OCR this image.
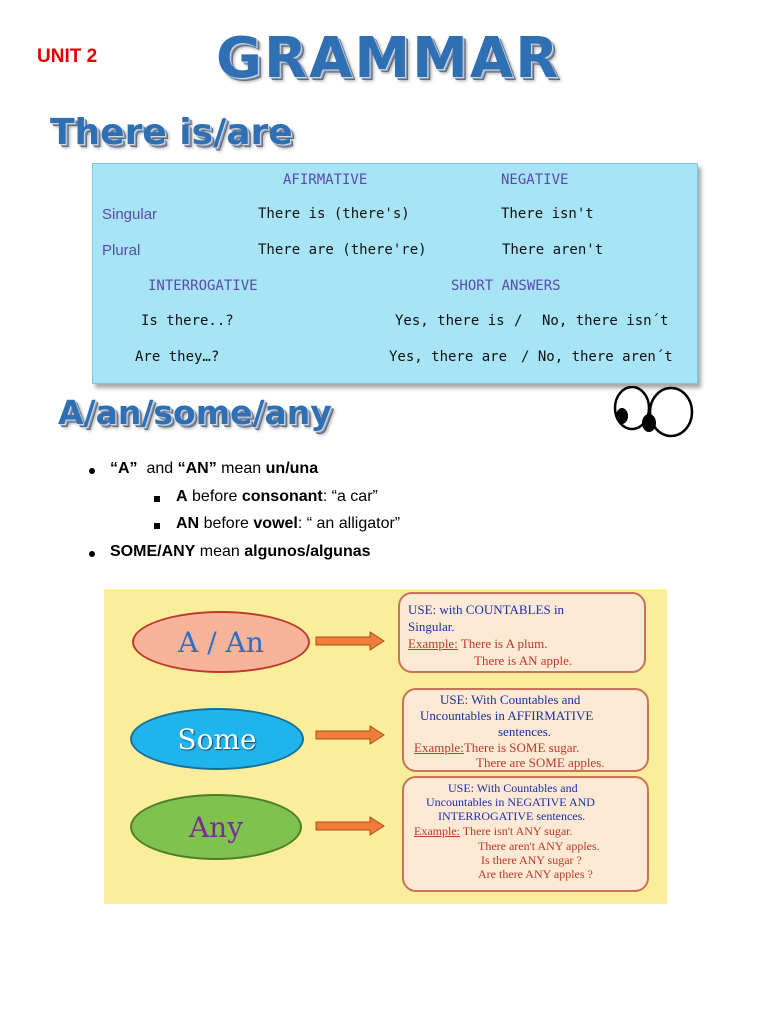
UNIT 2 GRAMMAR
There is/are
AFIRMATIVE	NEGATIVE
Singular	There is (there's)	There isn't
Plural	There are (there're)	There aren't
INTERROGATIVE	SHORT ANSWERS
Is there..?	Yes, there is / No, there isn´t
Are they…?	Yes, there are / No, there aren´t
A/an/some/any
“A” and “AN” mean un/una
A before consonant: “a car”
AN before vowel: “ an alligator”
SOME/ANY mean algunos/algunas
A / An
USE: with COUNTABLES in
Singular.
Example: There is A plum.
There is AN apple.
Some
USE: With Countables and
Uncountables in AFFIRMATIVE
sentences.
Example:There is SOME sugar.
There are SOME apples.
Any
USE: With Countables and
Uncountables in NEGATIVE AND
INTERROGATIVE sentences.
Example: There isn't ANY sugar.
There aren't ANY apples.
Is there ANY sugar ?
Are there ANY apples ?
